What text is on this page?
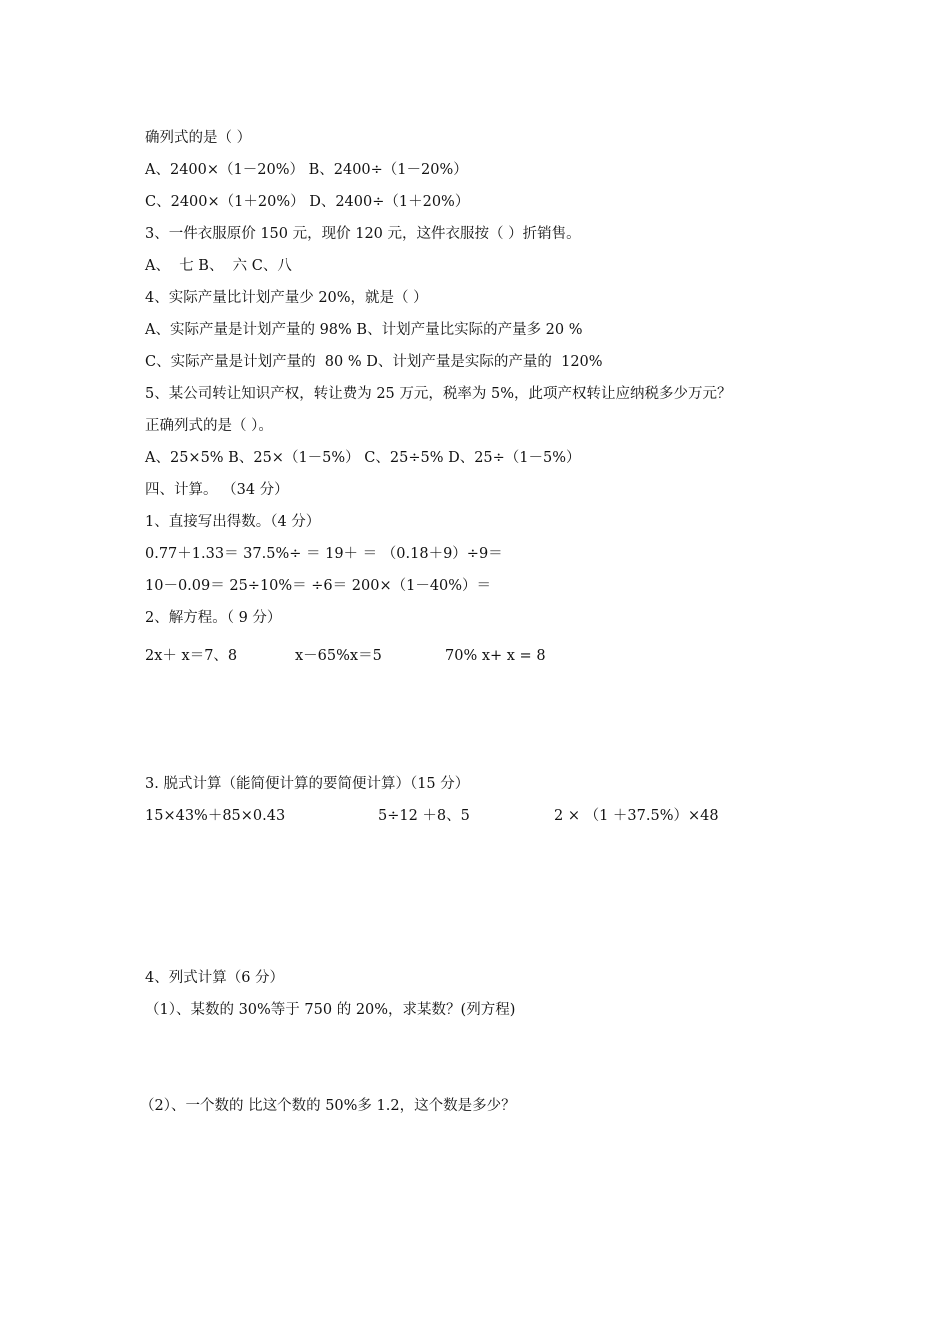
确列式的是（ ）
A、2400×（1－20%） B、2400÷（1－20%）
C、2400×（1＋20%） D、2400÷（1＋20%）
3、一件衣服原价 150 元，现价 120 元，这件衣服按（ ）折销售。
A、  七 B、  六 C、八
4、实际产量比计划产量少 20%，就是（ ）
A、实际产量是计划产量的 98% B、计划产量比实际的产量多 20 %
C、实际产量是计划产量的  80 % D、计划产量是实际的产量的  120%
5、某公司转让知识产权，转让费为 25 万元，税率为 5%，此项产权转让应纳税多少万元？
正确列式的是（ ）。
A、25×5% B、25×（1－5%） C、25÷5% D、25÷（1－5%）
四、计算。 （34 分）
1、直接写出得数。（4 分）
0.77＋1.33＝ 37.5%÷ ＝ 19＋ ＝ （0.18＋9）÷9＝
10－0.09＝ 25÷10%＝ ÷6＝ 200×（1－40%）＝
2、解方程。（ 9 分）
2x＋ x＝7、8	x－65%x＝5	70% x+ x = 8
3. 脱式计算（能简便计算的要简便计算）（15 分）
15×43%＋85×0.43	5÷12 ＋8、5	2 × （1 ＋37.5%）×48
4、列式计算（6 分）
（1）、某数的 30%等于 750 的 20%，求某数？(列方程)
（2）、一个数的 比这个数的 50%多 1.2，这个数是多少？
